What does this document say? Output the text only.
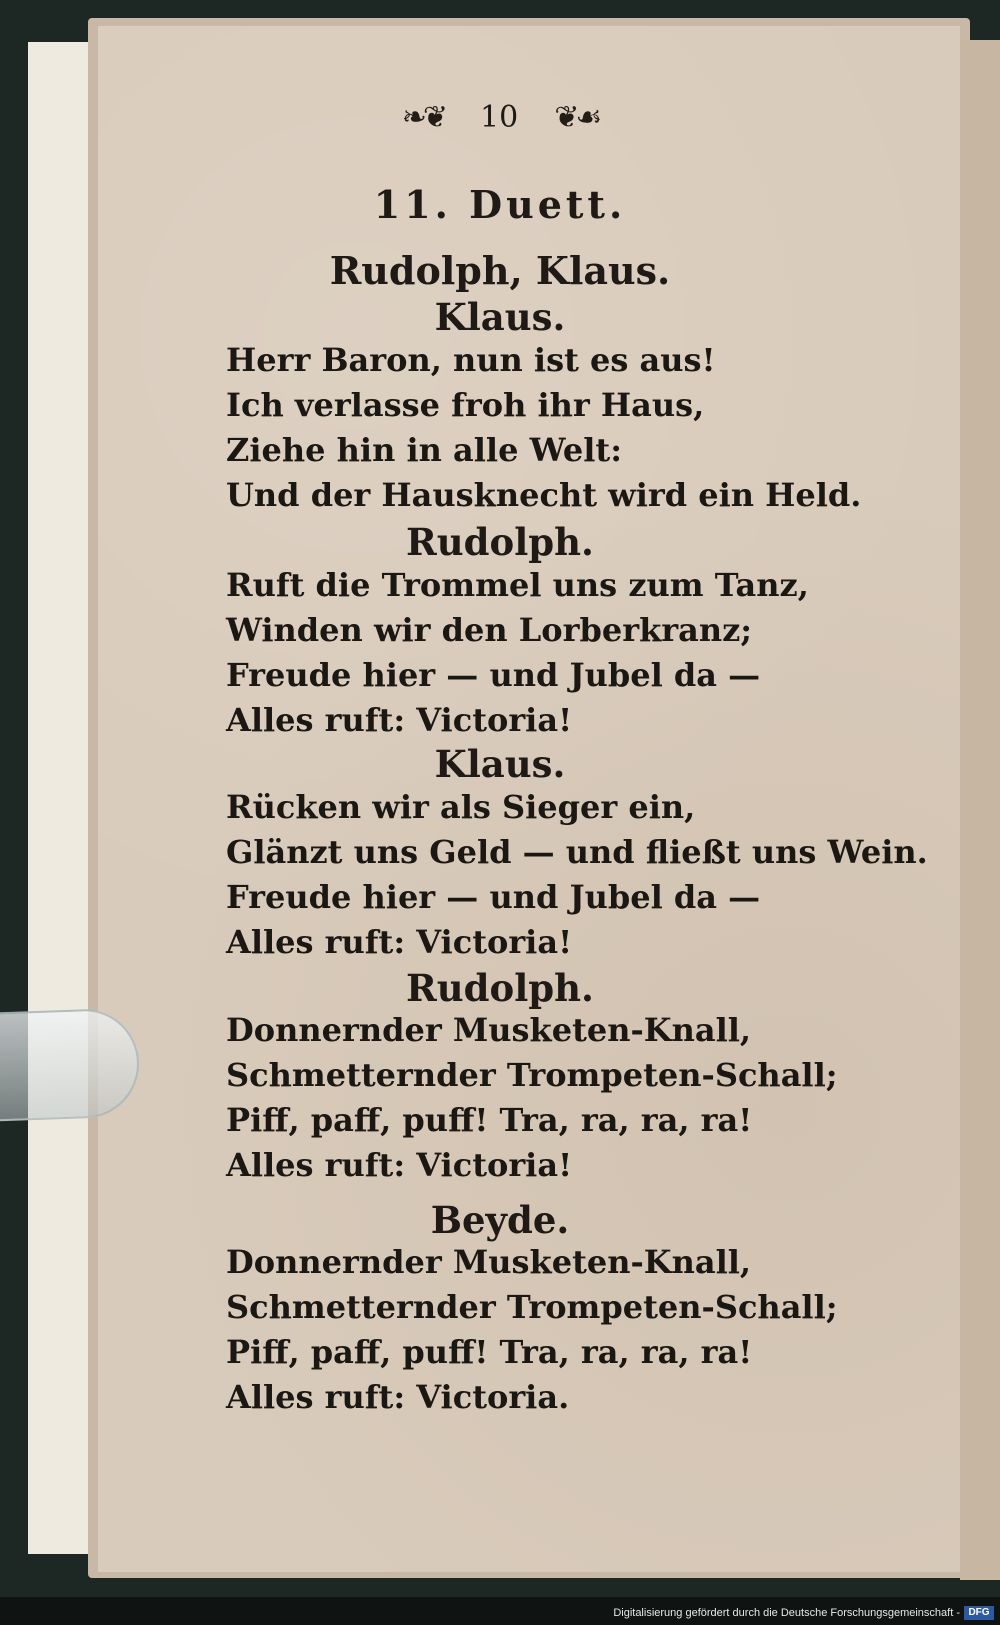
❧❦ 10 ❦☙
11. Duett.
Rudolph, Klaus.
Klaus.
Herr Baron, nun ist es aus!
Ich verlasse froh ihr Haus,
Ziehe hin in alle Welt:
Und der Hausknecht wird ein Held.
Rudolph.
Ruft die Trommel uns zum Tanz,
Winden wir den Lorberkranz;
Freude hier — und Jubel da —
Alles ruft: Victoria!
Klaus.
Rücken wir als Sieger ein,
Glänzt uns Geld — und fließt uns Wein.
Freude hier — und Jubel da —
Alles ruft: Victoria!
Rudolph.
Donnernder Musketen-Knall,
Schmetternder Trompeten-Schall;
Piff, paff, puff! Tra, ra, ra, ra!
Alles ruft: Victoria!
Beyde.
Donnernder Musketen-Knall,
Schmetternder Trompeten-Schall;
Piff, paff, puff! Tra, ra, ra, ra!
Alles ruft: Victoria.
Digitalisierung gefördert durch die Deutsche Forschungsgemeinschaft - DFG
